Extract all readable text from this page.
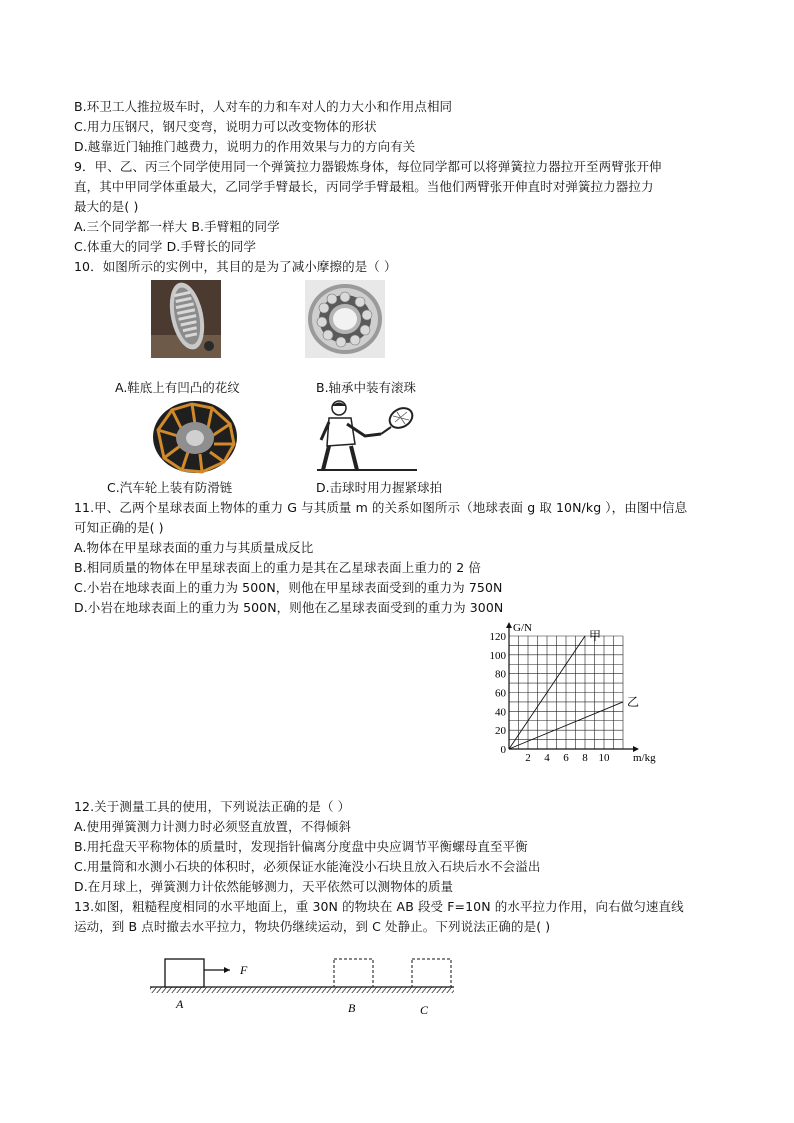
B.环卫工人推拉圾车时，人对车的力和车对人的力大小和作用点相同
C.用力压钢尺，钢尺变弯，说明力可以改变物体的形状
D.越靠近门轴推门越费力，说明力的作用效果与力的方向有关
9．甲、乙、丙三个同学使用同一个弹簧拉力器锻炼身体，每位同学都可以将弹簧拉力器拉开至两臂张开伸
直，其中甲同学体重最大，乙同学手臂最长，丙同学手臂最粗。当他们两臂张开伸直时对弹簧拉力器拉力
最大的是( )
A.三个同学都一样大 B.手臂粗的同学
C.体重大的同学 D.手臂长的同学
10．如图所示的实例中，其目的是为了减小摩擦的是（ ）
A.鞋底上有凹凸的花纹	B.轴承中装有滚珠
C.汽车轮上装有防滑链	D.击球时用力握紧球拍
11.甲、乙两个星球表面上物体的重力 G 与其质量 m 的关系如图所示（地球表面 g 取 10N/kg ），由图中信息
可知正确的是( )
A.物体在甲星球表面的重力与其质量成反比
B.相同质量的物体在甲星球表面上的重力是其在乙星球表面上重力的 2 倍
C.小岩在地球表面上的重力为 500N，则他在甲星球表面受到的重力为 750N
D.小岩在地球表面上的重力为 500N，则他在乙星球表面受到的重力为 300N
2 4 6 8 10
0
20
40
60
80
100
120
G/N
m/kg
甲
乙
12.关于测量工具的使用，下列说法正确的是（ ）
A.使用弹簧测力计测力时必须竖直放置，不得倾斜
B.用托盘天平称物体的质量时，发现指针偏离分度盘中央应调节平衡螺母直至平衡
C.用量筒和水测小石块的体积时，必须保证水能淹没小石块且放入石块后水不会溢出
D.在月球上，弹簧测力计依然能够测力，天平依然可以测物体的质量
13.如图，粗糙程度相同的水平地面上，重 30N 的物块在 AB 段受 F=10N 的水平拉力作用，向右做匀速直线
运动，到 B 点时撤去水平拉力，物块仍继续运动，到 C 处静止。下列说法正确的是( )
F
A	B	C
